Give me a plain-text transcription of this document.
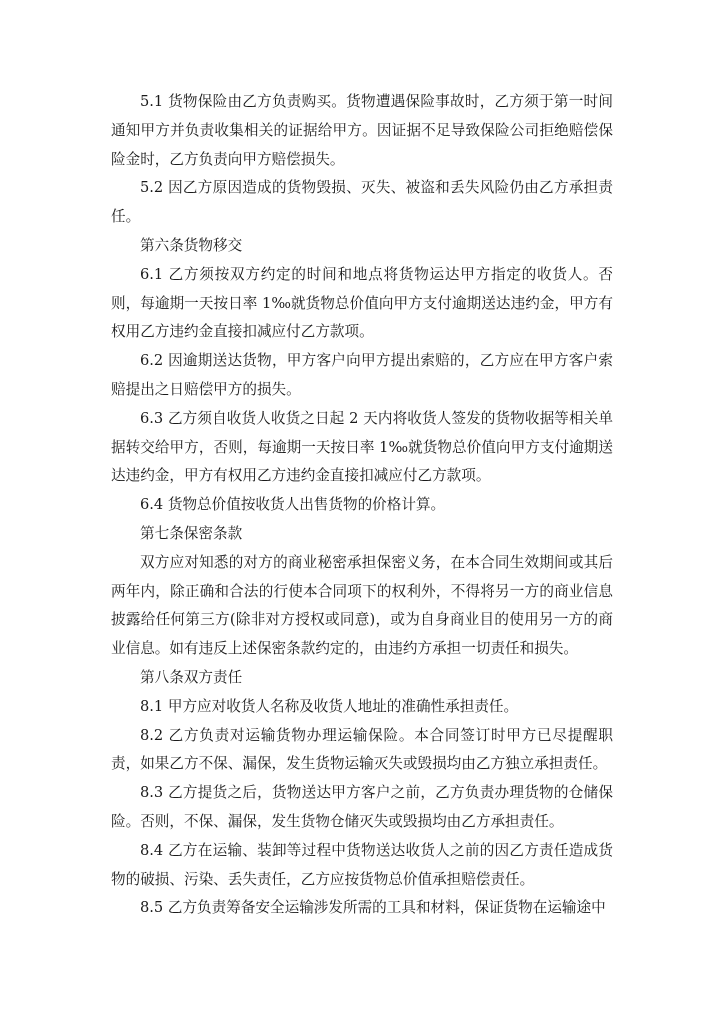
5.1 货物保险由乙方负责购买。货物遭遇保险事故时，乙方须于第一时间通知甲方并负责收集相关的证据给甲方。因证据不足导致保险公司拒绝赔偿保险金时，乙方负责向甲方赔偿损失。

5.2 因乙方原因造成的货物毁损、灭失、被盗和丢失风险仍由乙方承担责任。

第六条货物移交

6.1 乙方须按双方约定的时间和地点将货物运达甲方指定的收货人。否则，每逾期一天按日率 1‰就货物总价值向甲方支付逾期送达违约金，甲方有权用乙方违约金直接扣减应付乙方款项。

6.2 因逾期送达货物，甲方客户向甲方提出索赔的，乙方应在甲方客户索赔提出之日赔偿甲方的损失。

6.3 乙方须自收货人收货之日起 2 天内将收货人签发的货物收据等相关单据转交给甲方，否则，每逾期一天按日率 1‰就货物总价值向甲方支付逾期送达违约金，甲方有权用乙方违约金直接扣减应付乙方款项。

6.4 货物总价值按收货人出售货物的价格计算。

第七条保密条款

双方应对知悉的对方的商业秘密承担保密义务，在本合同生效期间或其后两年内，除正确和合法的行使本合同项下的权利外，不得将另一方的商业信息披露给任何第三方(除非对方授权或同意)，或为自身商业目的使用另一方的商业信息。如有违反上述保密条款约定的，由违约方承担一切责任和损失。

第八条双方责任

8.1 甲方应对收货人名称及收货人地址的准确性承担责任。

8.2 乙方负责对运输货物办理运输保险。本合同签订时甲方已尽提醒职责，如果乙方不保、漏保，发生货物运输灭失或毁损均由乙方独立承担责任。

8.3 乙方提货之后，货物送达甲方客户之前，乙方负责办理货物的仓储保险。否则，不保、漏保，发生货物仓储灭失或毁损均由乙方承担责任。

8.4 乙方在运输、装卸等过程中货物送达收货人之前的因乙方责任造成货物的破损、污染、丢失责任，乙方应按货物总价值承担赔偿责任。

8.5 乙方负责筹备安全运输涉发所需的工具和材料，保证货物在运输途中
